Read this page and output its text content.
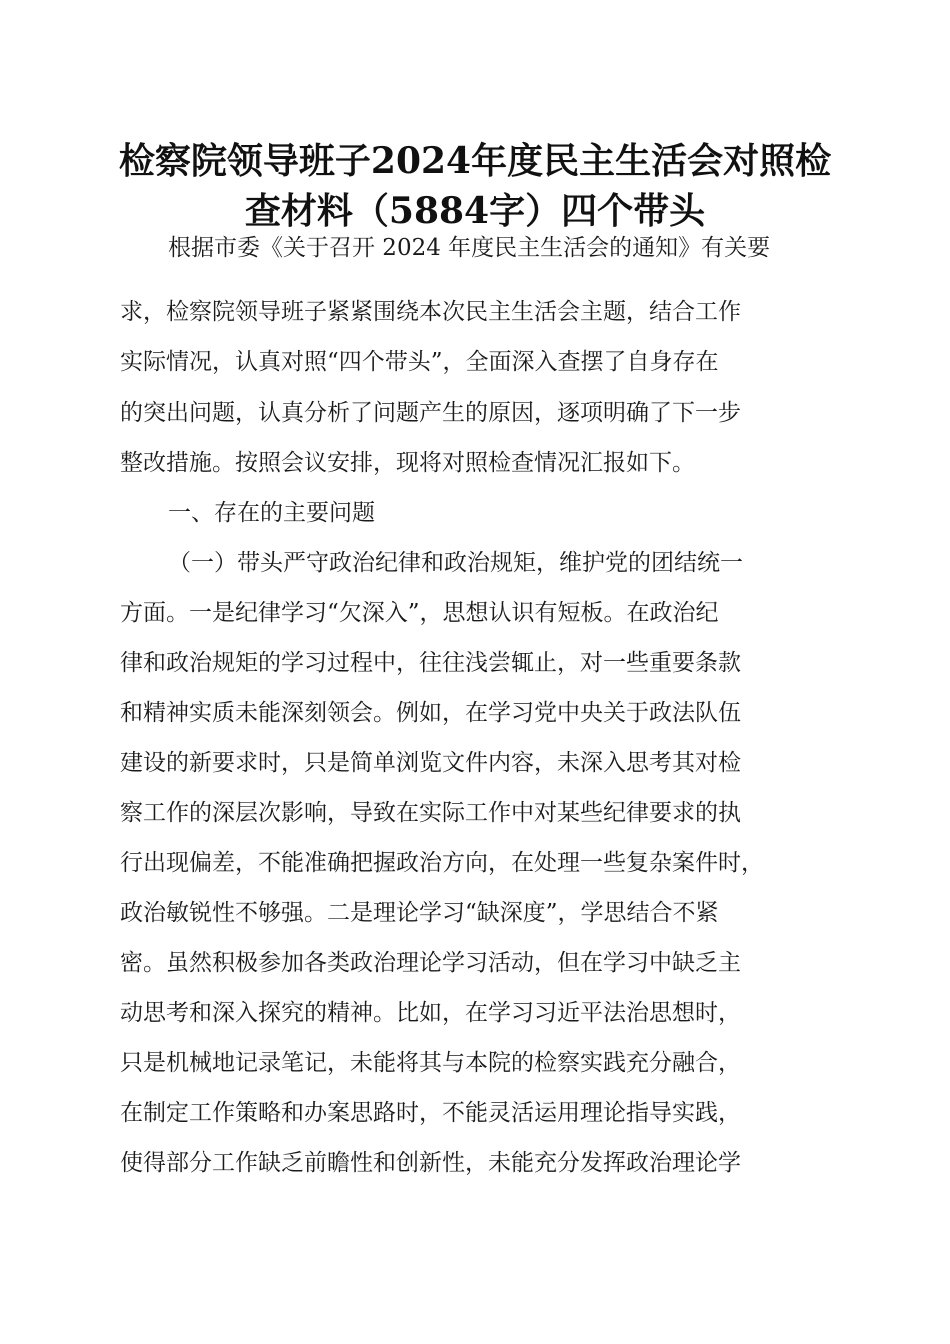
检察院领导班子2024年度民主生活会对照检
查材料（5884字）四个带头
根据市委《关于召开 2024 年度民主生活会的通知》有关要
求，检察院领导班子紧紧围绕本次民主生活会主题，结合工作
实际情况，认真对照“四个带头”，全面深入查摆了自身存在
的突出问题，认真分析了问题产生的原因，逐项明确了下一步
整改措施。按照会议安排，现将对照检查情况汇报如下。
一、存在的主要问题
（一）带头严守政治纪律和政治规矩，维护党的团结统一
方面。一是纪律学习“欠深入”，思想认识有短板。在政治纪
律和政治规矩的学习过程中，往往浅尝辄止，对一些重要条款
和精神实质未能深刻领会。例如，在学习党中央关于政法队伍
建设的新要求时，只是简单浏览文件内容，未深入思考其对检
察工作的深层次影响，导致在实际工作中对某些纪律要求的执
行出现偏差，不能准确把握政治方向，在处理一些复杂案件时，
政治敏锐性不够强。二是理论学习“缺深度”，学思结合不紧
密。虽然积极参加各类政治理论学习活动，但在学习中缺乏主
动思考和深入探究的精神。比如，在学习习近平法治思想时，
只是机械地记录笔记，未能将其与本院的检察实践充分融合，
在制定工作策略和办案思路时，不能灵活运用理论指导实践，
使得部分工作缺乏前瞻性和创新性，未能充分发挥政治理论学
